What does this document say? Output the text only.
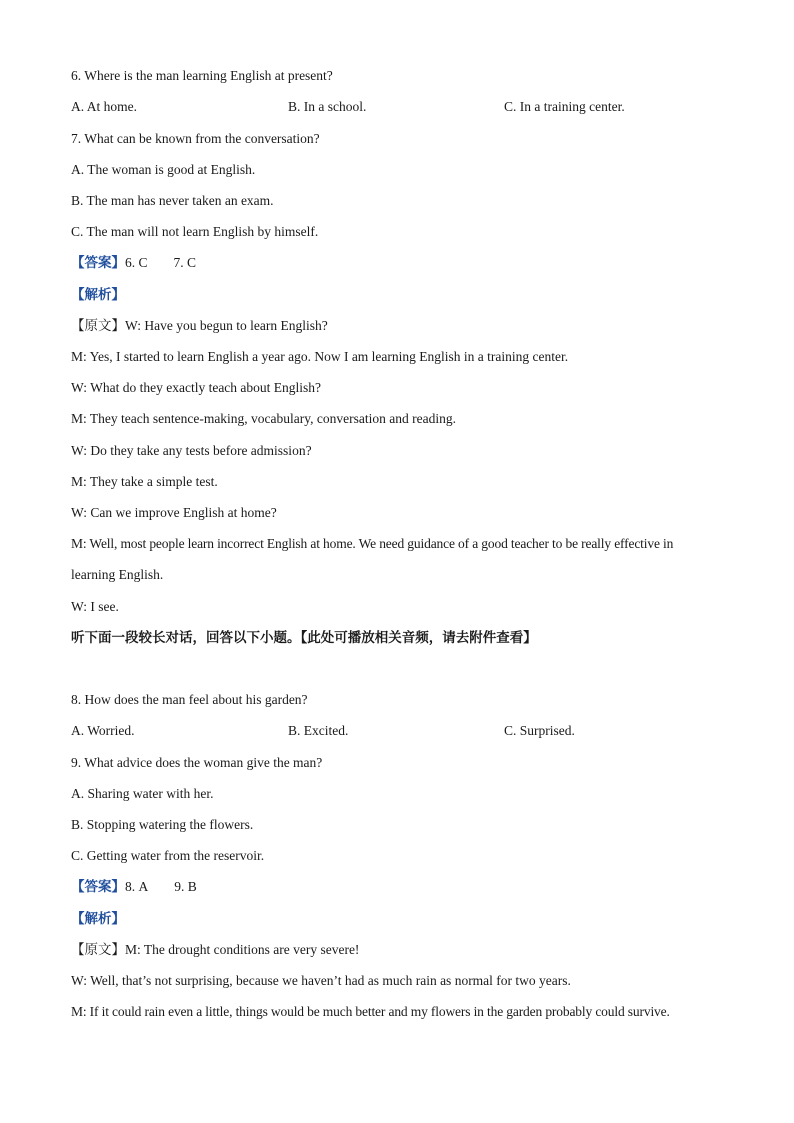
6. Where is the man learning English at present?
A. At home.	B. In a school.	C. In a training center.
7. What can be known from the conversation?
A. The woman is good at English.
B. The man has never taken an exam.
C. The man will not learn English by himself.
【答案】6. C 7. C
【解析】
【原文】W: Have you begun to learn English?
M: Yes, I started to learn English a year ago. Now I am learning English in a training center.
W: What do they exactly teach about English?
M: They teach sentence-making, vocabulary, conversation and reading.
W: Do they take any tests before admission?
M: They take a simple test.
W: Can we improve English at home?
M: Well, most people learn incorrect English at home. We need guidance of a good teacher to be really effective in
learning English.
W: I see.
听下面一段较长对话，回答以下小题。【此处可播放相关音频，请去附件查看】
8. How does the man feel about his garden?
A. Worried.	B. Excited.	C. Surprised.
9. What advice does the woman give the man?
A. Sharing water with her.
B. Stopping watering the flowers.
C. Getting water from the reservoir.
【答案】8. A 9. B
【解析】
【原文】M: The drought conditions are very severe!
W: Well, that’s not surprising, because we haven’t had as much rain as normal for two years.
M: If it could rain even a little, things would be much better and my flowers in the garden probably could survive.
